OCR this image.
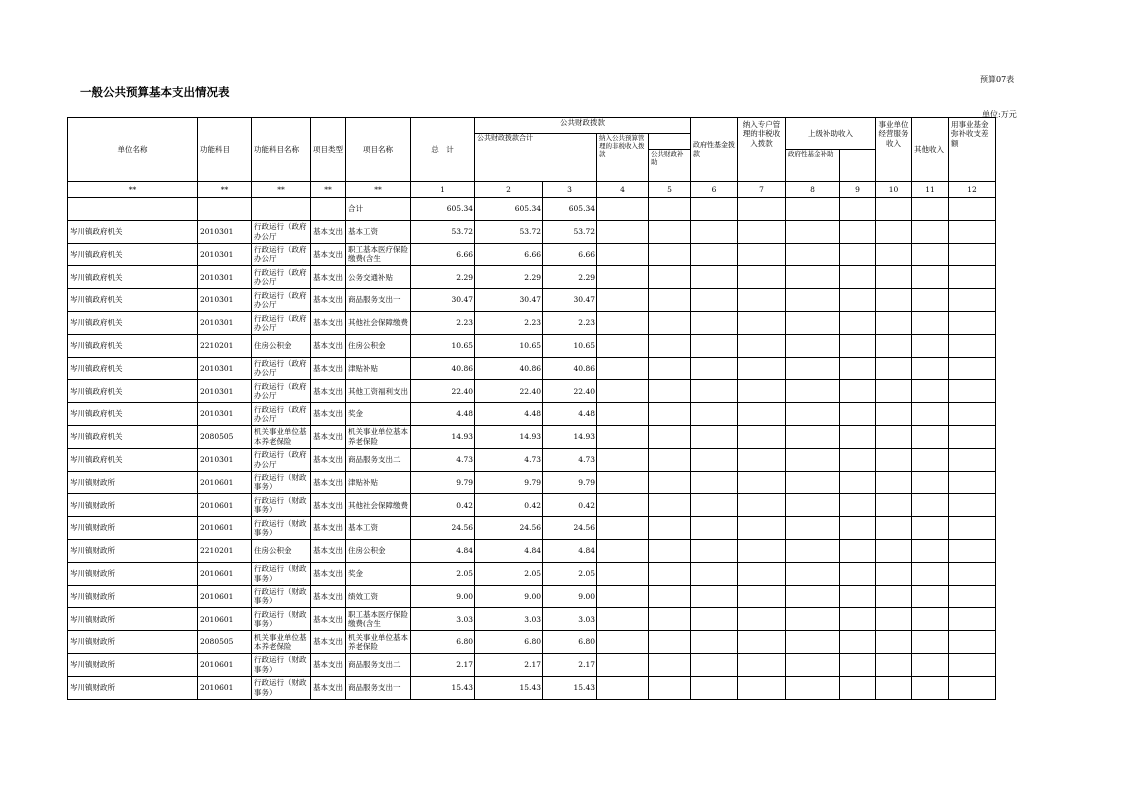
预算07表
一般公共预算基本支出情况表
单位:万元
单位名称	功能科目	功能科目名称	项目类型	项目名称	总　计	公共财政拨款				政府性基金拨款	纳入专户管理的非税收入拨款	上级补助收入		事业单位经营服务收入	其他收入	用事业基金弥补收支差额	
						公共财政拨款合计		纳入公共预算管理的非税收入拨款									
									公共财政补助			政府性基金补助					
**	**	**	**	**	1	2	3	4	5	6	7	8	9	10	11	12	
				合计	605.34	605.34	605.34										
岑川镇政府机关	2010301	行政运行（政府办公厅	基本支出	基本工资	53.72	53.72	53.72										
岑川镇政府机关	2010301	行政运行（政府办公厅	基本支出	职工基本医疗保险缴费(含生	6.66	6.66	6.66										
岑川镇政府机关	2010301	行政运行（政府办公厅	基本支出	公务交通补贴	2.29	2.29	2.29										
岑川镇政府机关	2010301	行政运行（政府办公厅	基本支出	商品服务支出一	30.47	30.47	30.47										
岑川镇政府机关	2010301	行政运行（政府办公厅	基本支出	其他社会保障缴费	2.23	2.23	2.23										
岑川镇政府机关	2210201	住房公积金	基本支出	住房公积金	10.65	10.65	10.65										
岑川镇政府机关	2010301	行政运行（政府办公厅	基本支出	津贴补贴	40.86	40.86	40.86										
岑川镇政府机关	2010301	行政运行（政府办公厅	基本支出	其他工资福利支出	22.40	22.40	22.40										
岑川镇政府机关	2010301	行政运行（政府办公厅	基本支出	奖金	4.48	4.48	4.48										
岑川镇政府机关	2080505	机关事业单位基本养老保险	基本支出	机关事业单位基本养老保险	14.93	14.93	14.93										
岑川镇政府机关	2010301	行政运行（政府办公厅	基本支出	商品服务支出二	4.73	4.73	4.73										
岑川镇财政所	2010601	行政运行（财政事务）	基本支出	津贴补贴	9.79	9.79	9.79										
岑川镇财政所	2010601	行政运行（财政事务）	基本支出	其他社会保障缴费	0.42	0.42	0.42										
岑川镇财政所	2010601	行政运行（财政事务）	基本支出	基本工资	24.56	24.56	24.56										
岑川镇财政所	2210201	住房公积金	基本支出	住房公积金	4.84	4.84	4.84										
岑川镇财政所	2010601	行政运行（财政事务）	基本支出	奖金	2.05	2.05	2.05										
岑川镇财政所	2010601	行政运行（财政事务）	基本支出	绩效工资	9.00	9.00	9.00										
岑川镇财政所	2010601	行政运行（财政事务）	基本支出	职工基本医疗保险缴费(含生	3.03	3.03	3.03										
岑川镇财政所	2080505	机关事业单位基本养老保险	基本支出	机关事业单位基本养老保险	6.80	6.80	6.80										
岑川镇财政所	2010601	行政运行（财政事务）	基本支出	商品服务支出二	2.17	2.17	2.17										
岑川镇财政所	2010601	行政运行（财政事务）	基本支出	商品服务支出一	15.43	15.43	15.43										
